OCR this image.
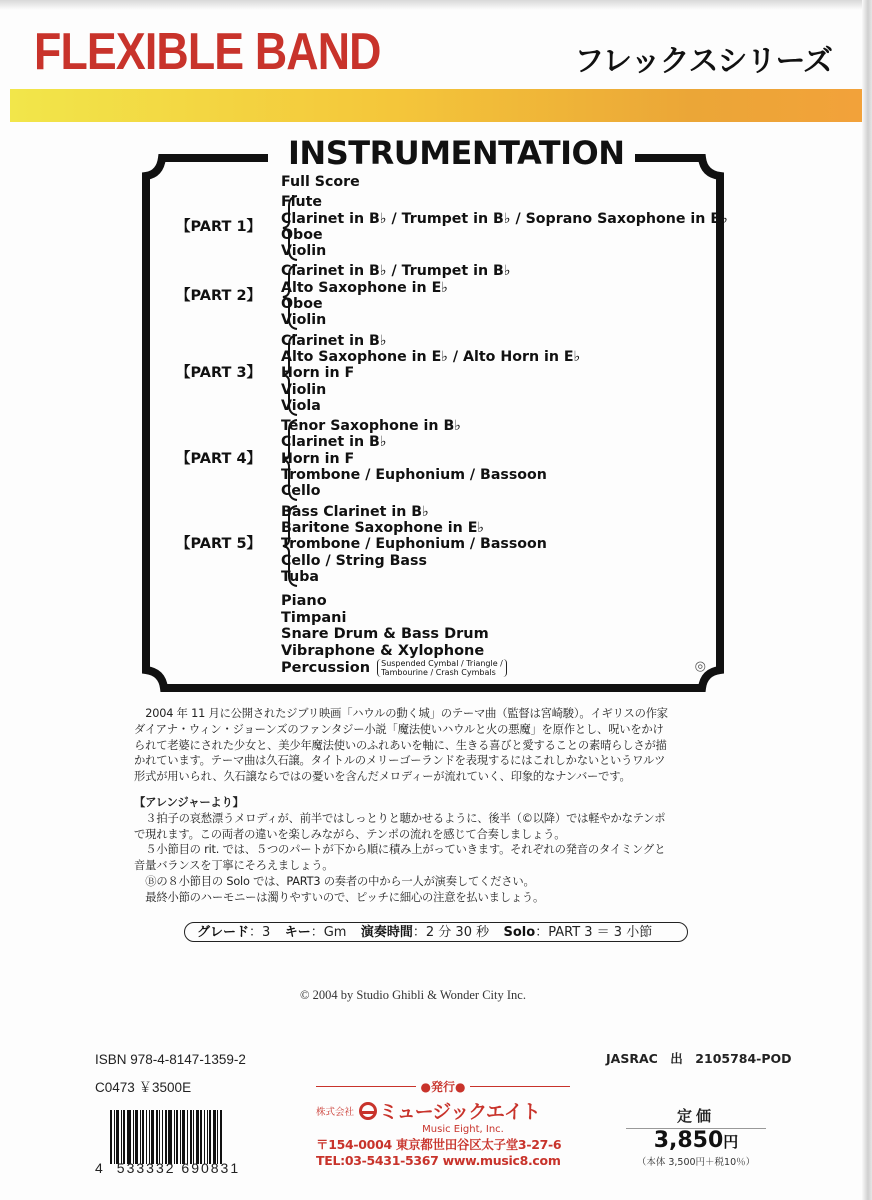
FLEXIBLE BAND	フレックスシリーズ
INSTRUMENTATION
Full Score
【PART 1】
Flute
Clarinet in B♭ / Trumpet in B♭ / Soprano Saxophone in B♭
Oboe
Violin
【PART 2】
Clarinet in B♭ / Trumpet in B♭
Alto Saxophone in E♭
Oboe
Violin
【PART 3】
Clarinet in B♭
Alto Saxophone in E♭ / Alto Horn in E♭
Horn in F
Violin
Viola
【PART 4】
Tenor Saxophone in B♭
Clarinet in B♭
Horn in F
Trombone / Euphonium / Bassoon
Cello
【PART 5】
Bass Clarinet in B♭
Baritone Saxophone in E♭
Trombone / Euphonium / Bassoon
Cello / String Bass
Tuba
Piano
Timpani
Snare Drum & Bass Drum
Vibraphone & Xylophone
Percussion Suspended Cymbal / Triangle /
Tambourine / Crash Cymbals	◎

2004 年 11 月に公開されたジブリ映画「ハウルの動く城」のテーマ曲（監督は宮崎駿）。イギリスの作家

ダイアナ・ウィン・ジョーンズのファンタジー小説「魔法使いハウルと火の悪魔」を原作とし、呪いをかけ

られて老婆にされた少女と、美少年魔法使いのふれあいを軸に、生きる喜びと愛することの素晴らしさが描

かれています。テーマ曲は久石譲。タイトルのメリーゴーランドを表現するにはこれしかないというワルツ

形式が用いられ、久石譲ならではの憂いを含んだメロディーが流れていく、印象的なナンバーです。

【アレンジャーより】

３拍子の哀愁漂うメロディが、前半ではしっとりと聴かせるように、後半（©以降）では軽やかなテンポ

で現れます。この両者の違いを楽しみながら、テンポの流れを感じて合奏しましょう。

５小節目の rit. では、５つのパートが下から順に積み上がっていきます。それぞれの発音のタイミングと

音量バランスを丁寧にそろえましょう。

Ⓑの８小節目の Solo では、PART3 の奏者の中から一人が演奏してください。

最終小節のハーモニーは濁りやすいので、ピッチに細心の注意を払いましょう。

グレード：3 キー：Gm 演奏時間：2 分 30 秒 Solo：PART 3 ＝ 3 小節
© 2004 by Studio Ghibli & Wonder City Inc.
ISBN 978-4-8147-1359-2
C0473 ￥3500E
4 533332 690831
●発行●
株式会社 ミュージックエイト
Music Eight, Inc.
〒154-0004 東京都世田谷区太子堂3-27-6
TEL:03-5431-5367 www.music8.com
JASRAC　出　2105784-POD
定価
3,850円
（本体 3,500円＋税10％）
